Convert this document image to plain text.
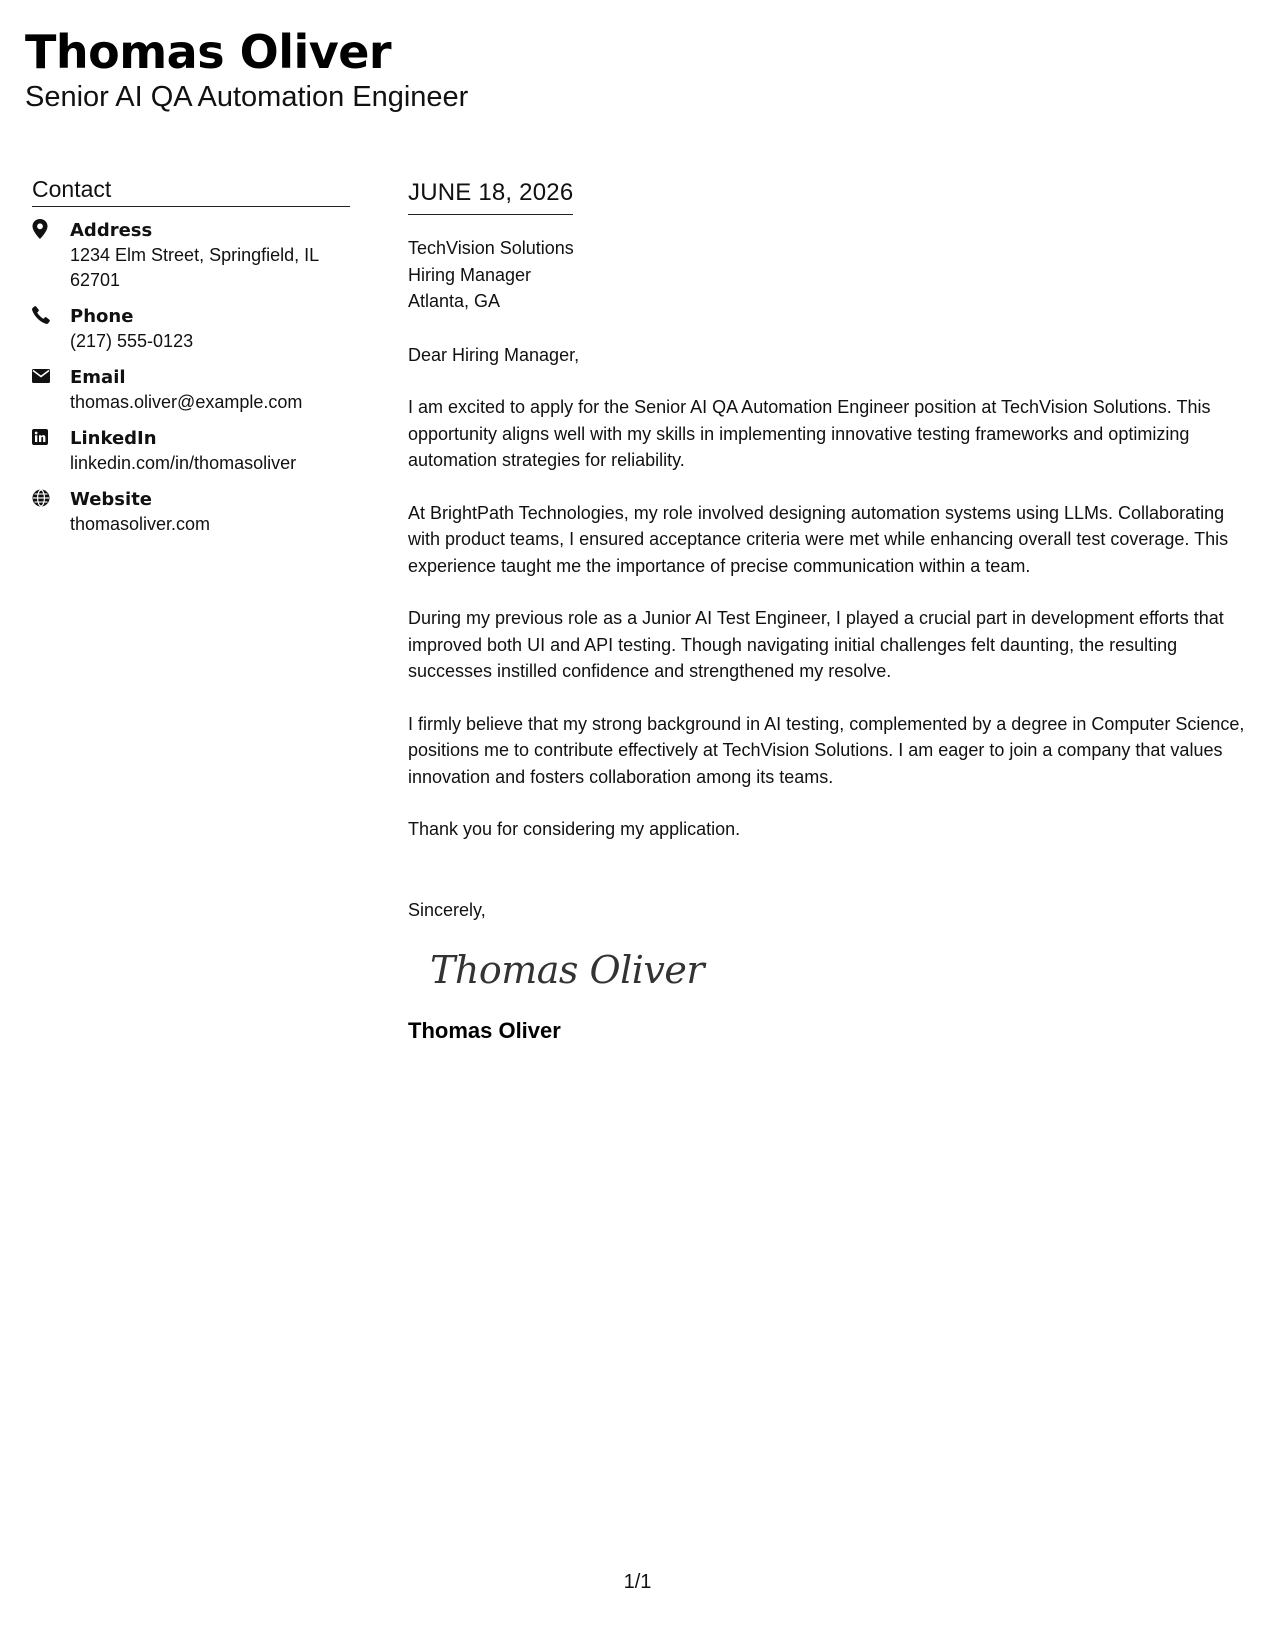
Thomas Oliver
Senior AI QA Automation Engineer
Contact
Address
1234 Elm Street, Springfield, IL 62701
Phone
(217) 555-0123
Email
thomas.oliver@example.com
LinkedIn
linkedin.com/in/thomasoliver
Website
thomasoliver.com
JUNE 18, 2026
TechVision Solutions
Hiring Manager
Atlanta, GA
Dear Hiring Manager,
I am excited to apply for the Senior AI QA Automation Engineer position at TechVision Solutions. This opportunity aligns well with my skills in implementing innovative testing frameworks and optimizing automation strategies for reliability.
At BrightPath Technologies, my role involved designing automation systems using LLMs. Collaborating with product teams, I ensured acceptance criteria were met while enhancing overall test coverage. This experience taught me the importance of precise communication within a team.
During my previous role as a Junior AI Test Engineer, I played a crucial part in development efforts that improved both UI and API testing. Though navigating initial challenges felt daunting, the resulting successes instilled confidence and strengthened my resolve.
I firmly believe that my strong background in AI testing, complemented by a degree in Computer Science, positions me to contribute effectively at TechVision Solutions. I am eager to join a company that values innovation and fosters collaboration among its teams.
Thank you for considering my application.
Sincerely,
Thomas Oliver
Thomas Oliver
1/1
